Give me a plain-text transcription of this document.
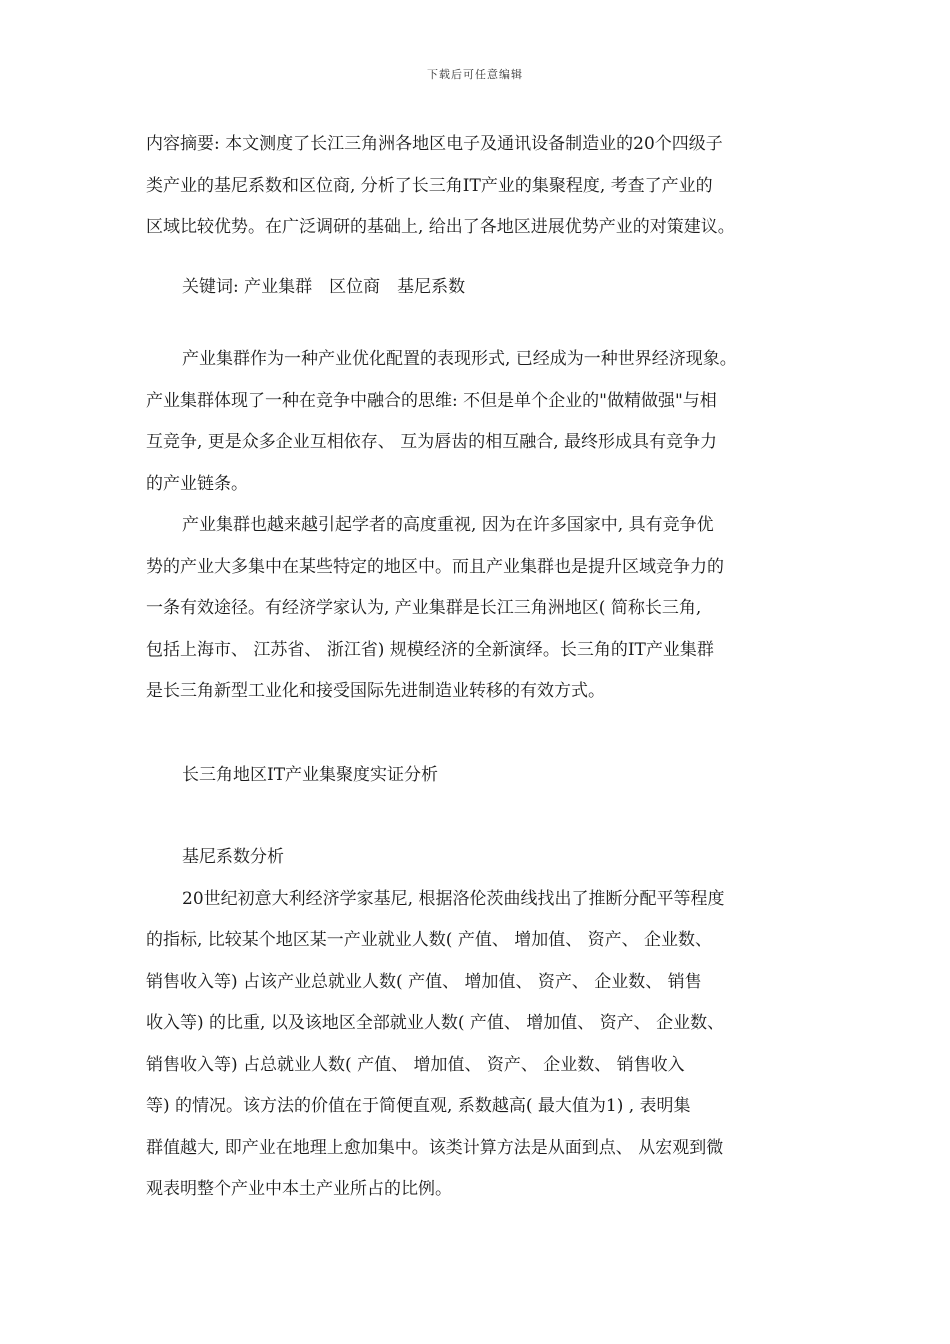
下载后可任意编辑
内容摘要: 本文测度了长江三角洲各地区电子及通讯设备制造业的20个四级子
类产业的基尼系数和区位商, 分析了长三角IT产业的集聚程度, 考查了产业的
区域比较优势。在广泛调研的基础上, 给出了各地区进展优势产业的对策建议。
关键词: 产业集群　区位商　基尼系数
产业集群作为一种产业优化配置的表现形式, 已经成为一种世界经济现象。
产业集群体现了一种在竞争中融合的思维: 不但是单个企业的"做精做强"与相
互竞争, 更是众多企业互相依存、 互为唇齿的相互融合, 最终形成具有竞争力
的产业链条。
产业集群也越来越引起学者的高度重视, 因为在许多国家中, 具有竞争优
势的产业大多集中在某些特定的地区中。而且产业集群也是提升区域竞争力的
一条有效途径。有经济学家认为, 产业集群是长江三角洲地区( 简称长三角,
包括上海市、 江苏省、 浙江省) 规模经济的全新演绎。长三角的IT产业集群
是长三角新型工业化和接受国际先进制造业转移的有效方式。
长三角地区IT产业集聚度实证分析
基尼系数分析
20世纪初意大利经济学家基尼, 根据洛伦茨曲线找出了推断分配平等程度
的指标, 比较某个地区某一产业就业人数( 产值、 增加值、 资产、 企业数、
销售收入等) 占该产业总就业人数( 产值、 增加值、 资产、 企业数、 销售
收入等) 的比重, 以及该地区全部就业人数( 产值、 增加值、 资产、 企业数、
销售收入等) 占总就业人数( 产值、 增加值、 资产、 企业数、 销售收入
等) 的情况。该方法的价值在于简便直观, 系数越高( 最大值为1) , 表明集
群值越大, 即产业在地理上愈加集中。该类计算方法是从面到点、 从宏观到微
观表明整个产业中本土产业所占的比例。
